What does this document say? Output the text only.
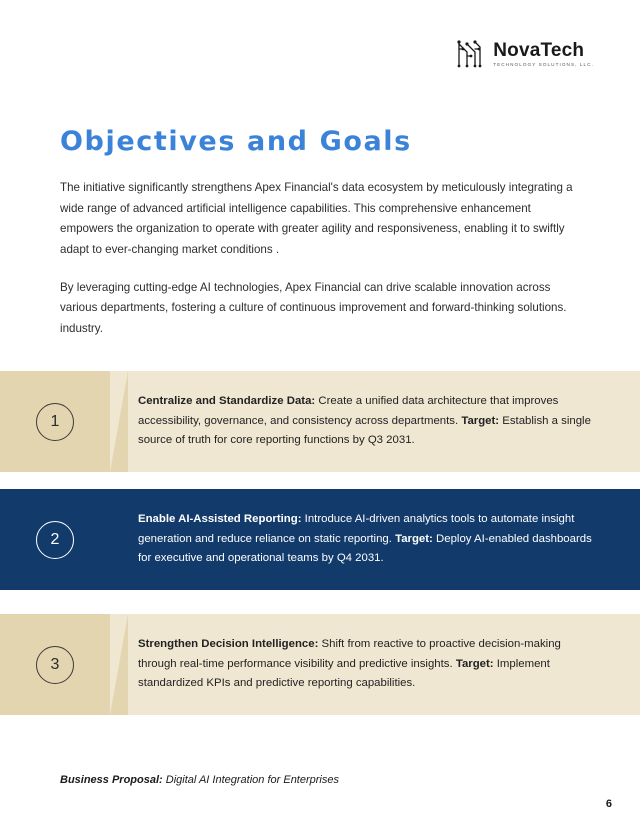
NovaTech
TECHNOLOGY SOLUTIONS, LLC.
Objectives and Goals

The initiative significantly strengthens Apex Financial's data ecosystem by meticulously integrating a wide range of advanced artificial intelligence capabilities. This comprehensive enhancement empowers the organization to operate with greater agility and responsiveness, enabling it to swiftly adapt to ever-changing market conditions .

By leveraging cutting-edge AI technologies, Apex Financial can drive scalable innovation across various departments, fostering a culture of continuous improvement and forward-thinking solutions. industry.

1
Centralize and Standardize Data: Create a unified data architecture that improves accessibility, governance, and consistency across departments. Target: Establish a single source of truth for core reporting functions by Q3 2031.
2
Enable AI-Assisted Reporting: Introduce AI-driven analytics tools to automate insight generation and reduce reliance on static reporting. Target: Deploy AI-enabled dashboards for executive and operational teams by Q4 2031.
3
Strengthen Decision Intelligence: Shift from reactive to proactive decision-making through real-time performance visibility and predictive insights. Target: Implement standardized KPIs and predictive reporting capabilities.
Business Proposal: Digital AI Integration for Enterprises
6
